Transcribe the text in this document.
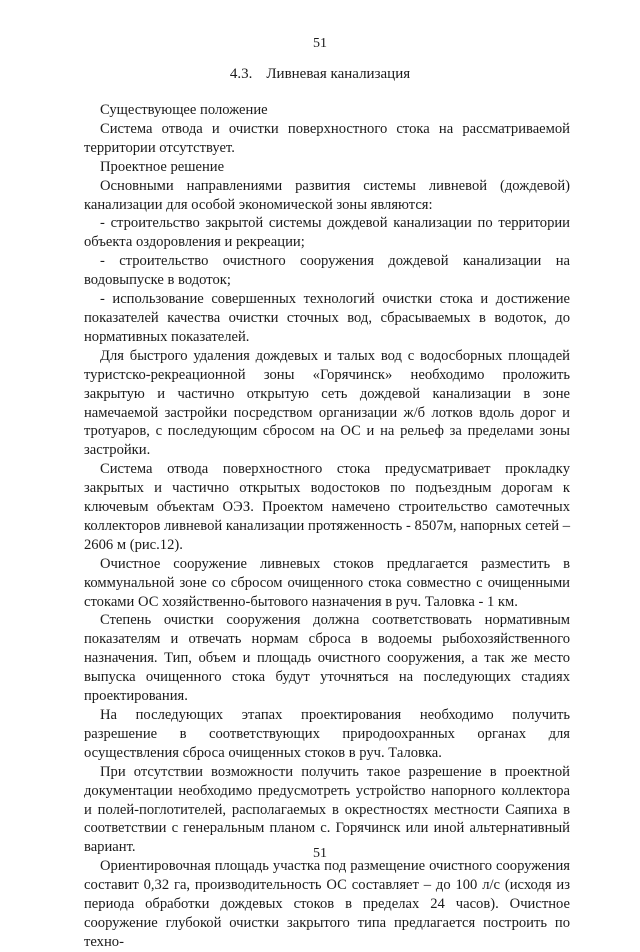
51
4.3. Ливневая канализация

Существующее положение

Система отвода и очистки поверхностного стока на рассматриваемой территории отсутствует.

Проектное решение

Основными направлениями развития системы ливневой (дождевой) канализации для особой экономической зоны являются:

- строительство закрытой системы дождевой канализации по территории объекта оздоровления и рекреации;

- строительство очистного сооружения дождевой канализации на водовыпуске в водоток;

- использование совершенных технологий очистки стока и достижение показателей качества очистки сточных вод, сбрасываемых в водоток, до нормативных показателей.

Для быстрого удаления дождевых и талых вод с водосборных площадей туристско-рекреационной зоны «Горячинск» необходимо проложить закрытую и частично открытую сеть дождевой канализации в зоне намечаемой застройки посредством организации ж/б лотков вдоль дорог и тротуаров, с последующим сбросом на ОС и на рельеф за пределами зоны застройки.

Система отвода поверхностного стока предусматривает прокладку закрытых и частично открытых водостоков по подъездным дорогам к ключевым объектам ОЭЗ. Проектом намечено строительство самотечных коллекторов ливневой канализации протяженность - 8507м, напорных сетей – 2606 м (рис.12).

Очистное сооружение ливневых стоков предлагается разместить в коммунальной зоне со сбросом очищенного стока совместно с очищенными стоками ОС хозяйственно-бытового назначения в руч. Таловка - 1 км.

Степень очистки сооружения должна соответствовать нормативным показателям и отвечать нормам сброса в водоемы рыбохозяйственного назначения. Тип, объем и площадь очистного сооружения, а так же место выпуска очищенного стока будут уточняться на последующих стадиях проектирования.

На последующих этапах проектирования необходимо получить разрешение в соответствующих природоохранных органах для осуществления сброса очищенных стоков в руч. Таловка.

При отсутствии возможности получить такое разрешение в проектной документации необходимо предусмотреть устройство напорного коллектора и полей-поглотителей, располагаемых в окрестностях местности Саяпиха в соответствии с генеральным планом с. Горячинск или иной альтернативный вариант.

Ориентировочная площадь участка под размещение очистного сооружения составит 0,32 га, производительность ОС составляет – до 100 л/с (исходя из периода обработки дождевых стоков в пределах 24 часов). Очистное сооружение глубокой очистки закрытого типа предлагается построить по техно-

51
